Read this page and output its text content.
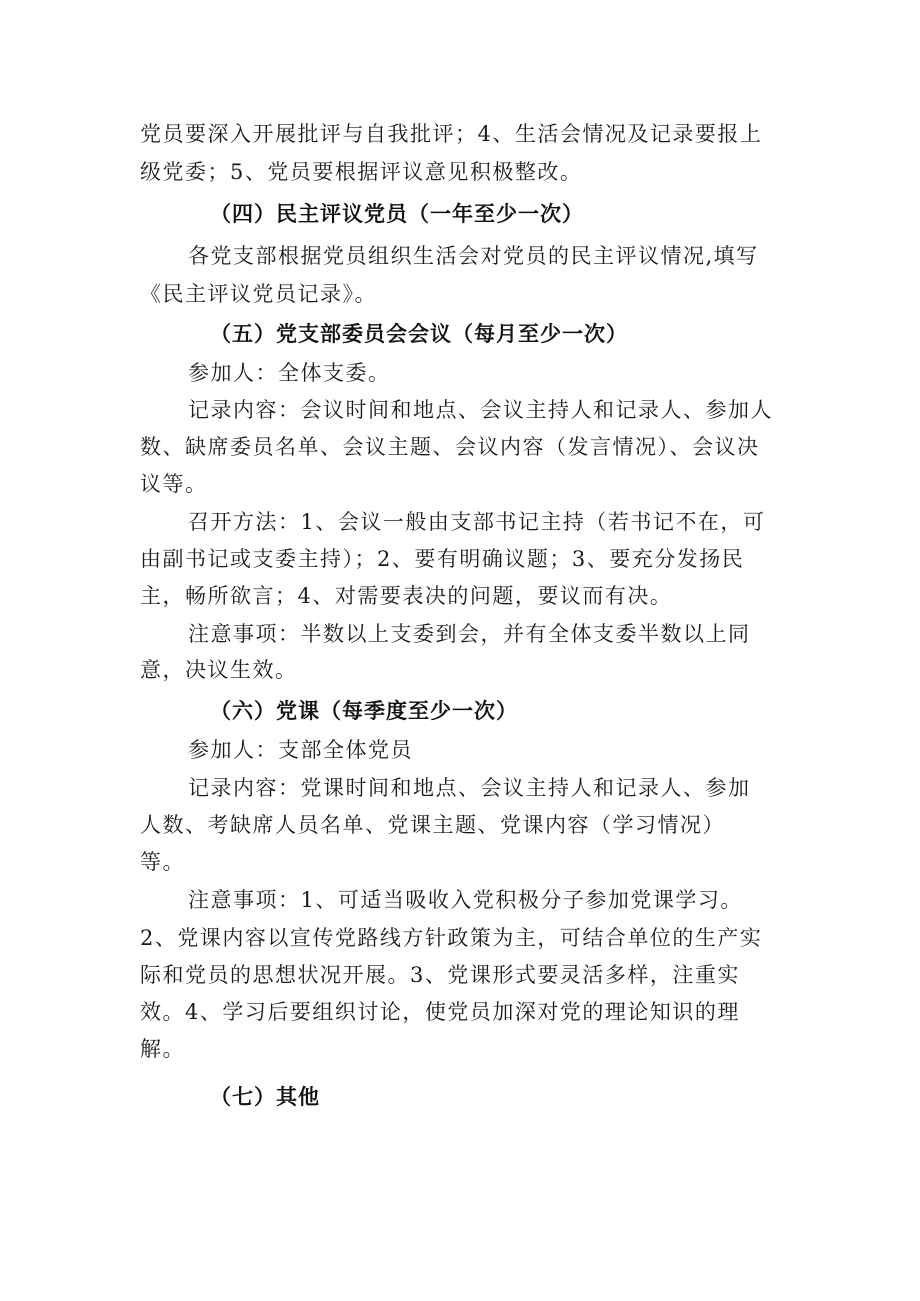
党员要深入开展批评与自我批评；4、生活会情况及记录要报上
级党委；5、党员要根据评议意见积极整改。
（四）民主评议党员（一年至少一次）
各党支部根据党员组织生活会对党员的民主评议情况,填写
《民主评议党员记录》。
（五）党支部委员会会议（每月至少一次）
参加人：全体支委。
记录内容：会议时间和地点、会议主持人和记录人、参加人
数、缺席委员名单、会议主题、会议内容（发言情况）、会议决
议等。
召开方法：1、会议一般由支部书记主持（若书记不在，可
由副书记或支委主持）；2、要有明确议题；3、要充分发扬民
主，畅所欲言；4、对需要表决的问题，要议而有决。
注意事项：半数以上支委到会，并有全体支委半数以上同
意，决议生效。
（六）党课（每季度至少一次）
参加人：支部全体党员
记录内容：党课时间和地点、会议主持人和记录人、参加
人数、考缺席人员名单、党课主题、党课内容（学习情况）
等。
注意事项：1、可适当吸收入党积极分子参加党课学习。
2、党课内容以宣传党路线方针政策为主，可结合单位的生产实
际和党员的思想状况开展。3、党课形式要灵活多样，注重实
效。4、学习后要组织讨论，使党员加深对党的理论知识的理
解。
（七）其他
